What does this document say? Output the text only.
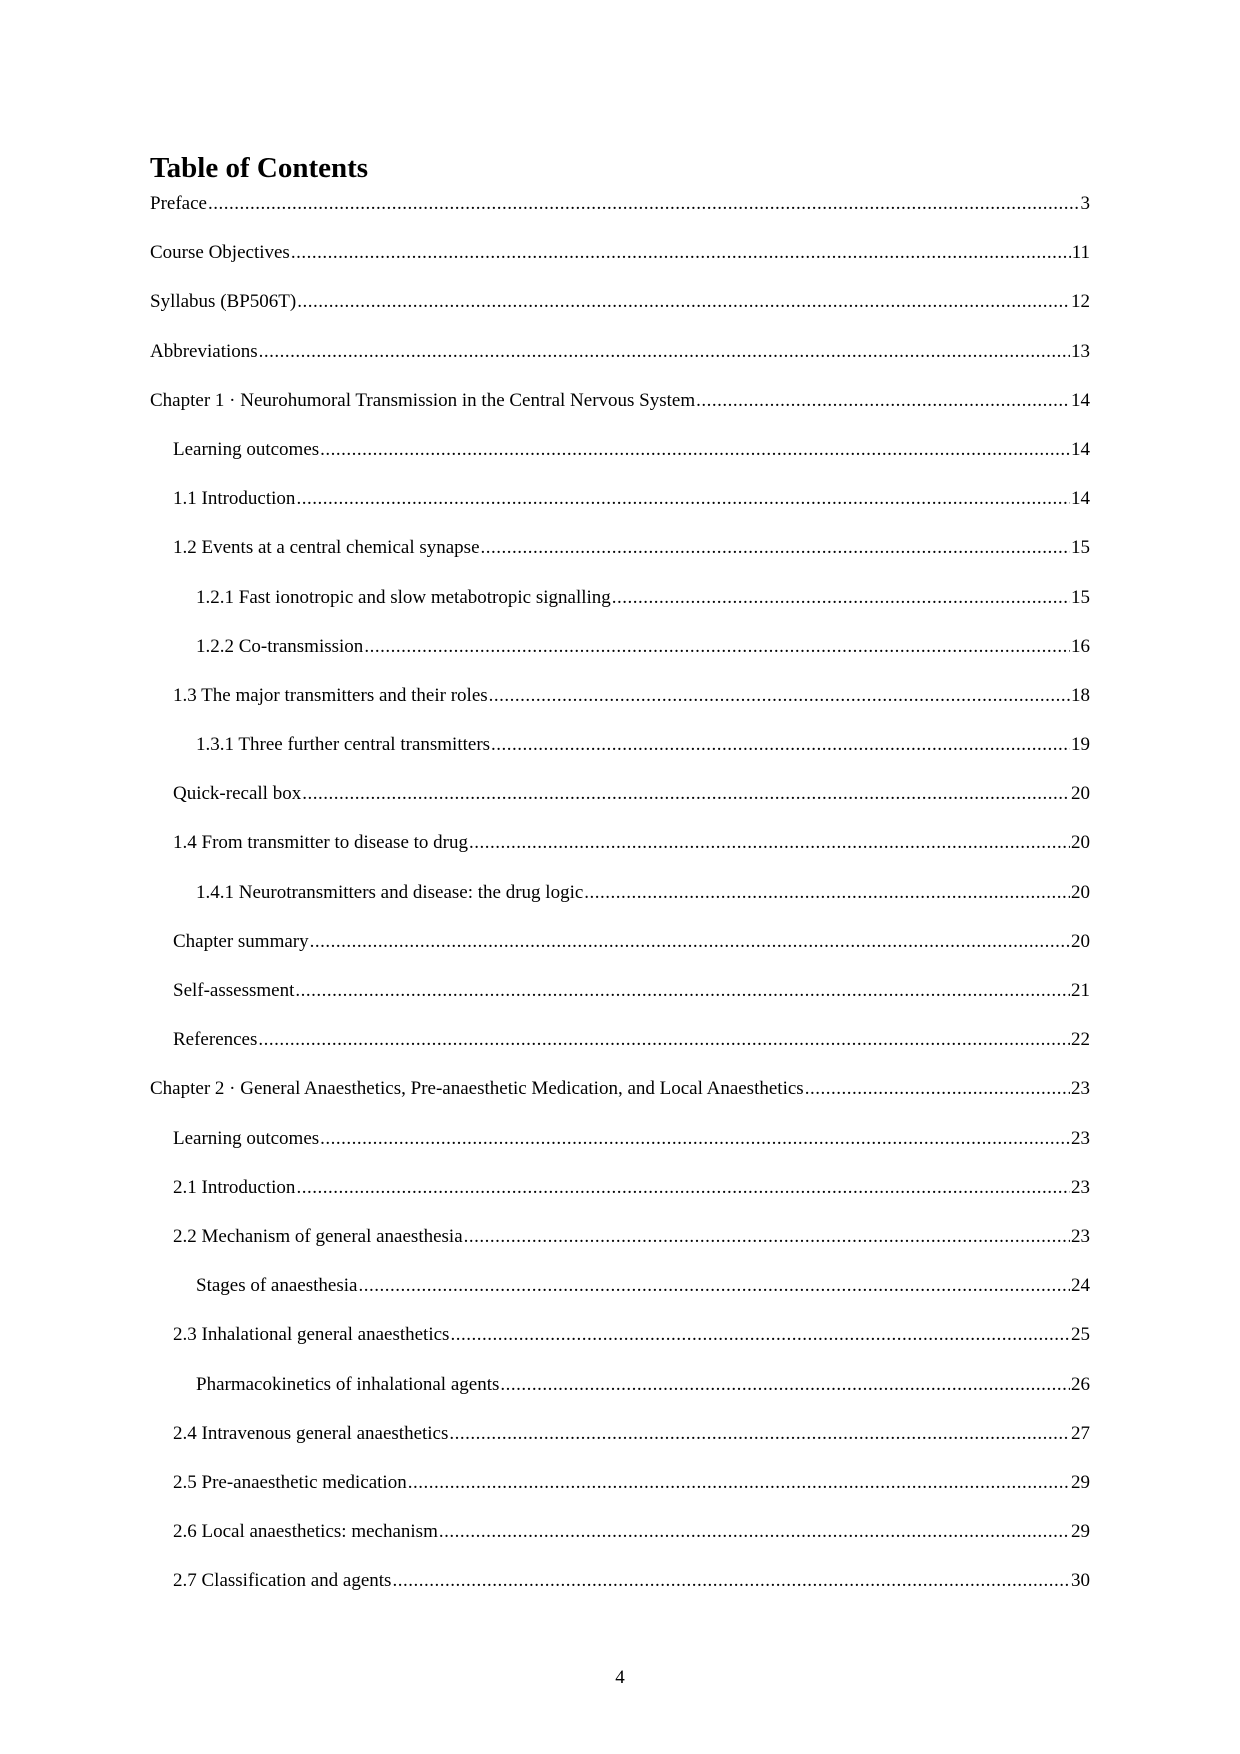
Table of Contents
Preface .....	3
Course Objectives .....	11
Syllabus (BP506T) .....	12
Abbreviations .....	13
Chapter 1 · Neurohumoral Transmission in the Central Nervous System .....	14
Learning outcomes .....	14
1.1 Introduction .....	14
1.2 Events at a central chemical synapse .....	15
1.2.1 Fast ionotropic and slow metabotropic signalling .....	15
1.2.2 Co-transmission .....	16
1.3 The major transmitters and their roles .....	18
1.3.1 Three further central transmitters .....	19
Quick-recall box .....	20
1.4 From transmitter to disease to drug .....	20
1.4.1 Neurotransmitters and disease: the drug logic .....	20
Chapter summary .....	20
Self-assessment .....	21
References .....	22
Chapter 2 · General Anaesthetics, Pre-anaesthetic Medication, and Local Anaesthetics .....	23
Learning outcomes .....	23
2.1 Introduction .....	23
2.2 Mechanism of general anaesthesia .....	23
Stages of anaesthesia .....	24
2.3 Inhalational general anaesthetics .....	25
Pharmacokinetics of inhalational agents .....	26
2.4 Intravenous general anaesthetics .....	27
2.5 Pre-anaesthetic medication .....	29
2.6 Local anaesthetics: mechanism .....	29
2.7 Classification and agents .....	30
4
